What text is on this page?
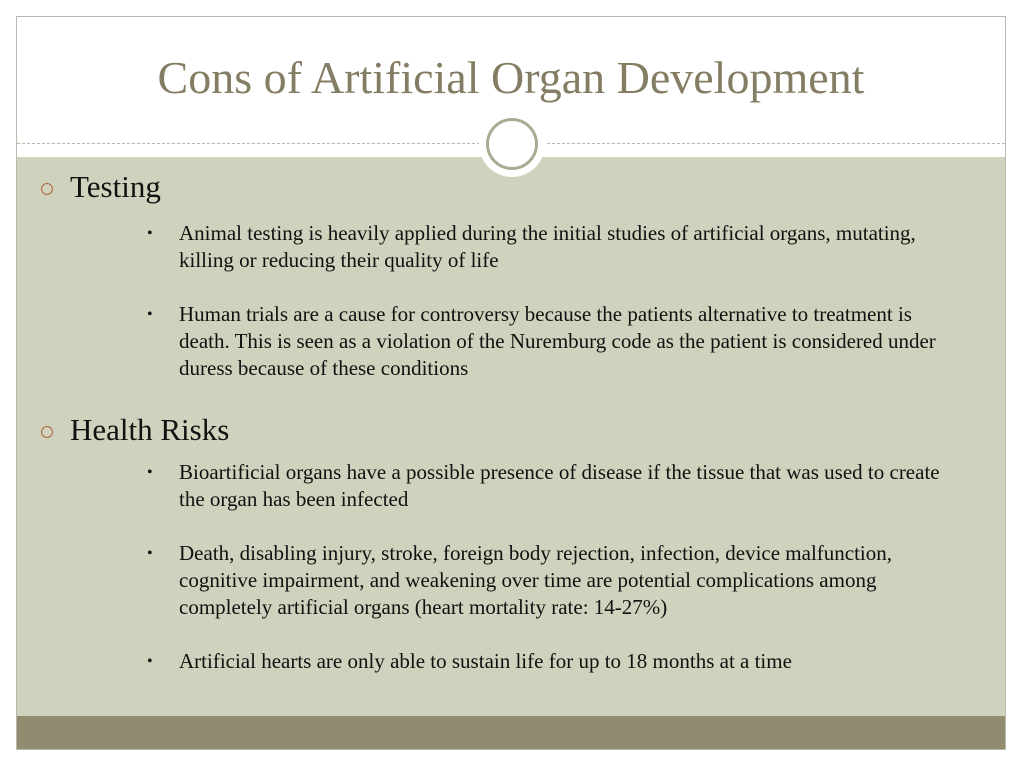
Cons of Artificial Organ Development
Testing
• Animal testing is heavily applied during the initial studies of artificial organs, mutating, killing or reducing their quality of life
• Human trials are a cause for controversy because the patients alternative to treatment is death. This is seen as a violation of the Nuremburg code as the patient is considered under duress because of these conditions
Health Risks
• Bioartificial organs have a possible presence of disease if the tissue that was used to create the organ has been infected
• Death, disabling injury, stroke, foreign body rejection, infection, device malfunction, cognitive impairment, and weakening over time are potential complications among completely artificial organs (heart mortality rate: 14-27%)
• Artificial hearts are only able to sustain life for up to 18 months at a time
